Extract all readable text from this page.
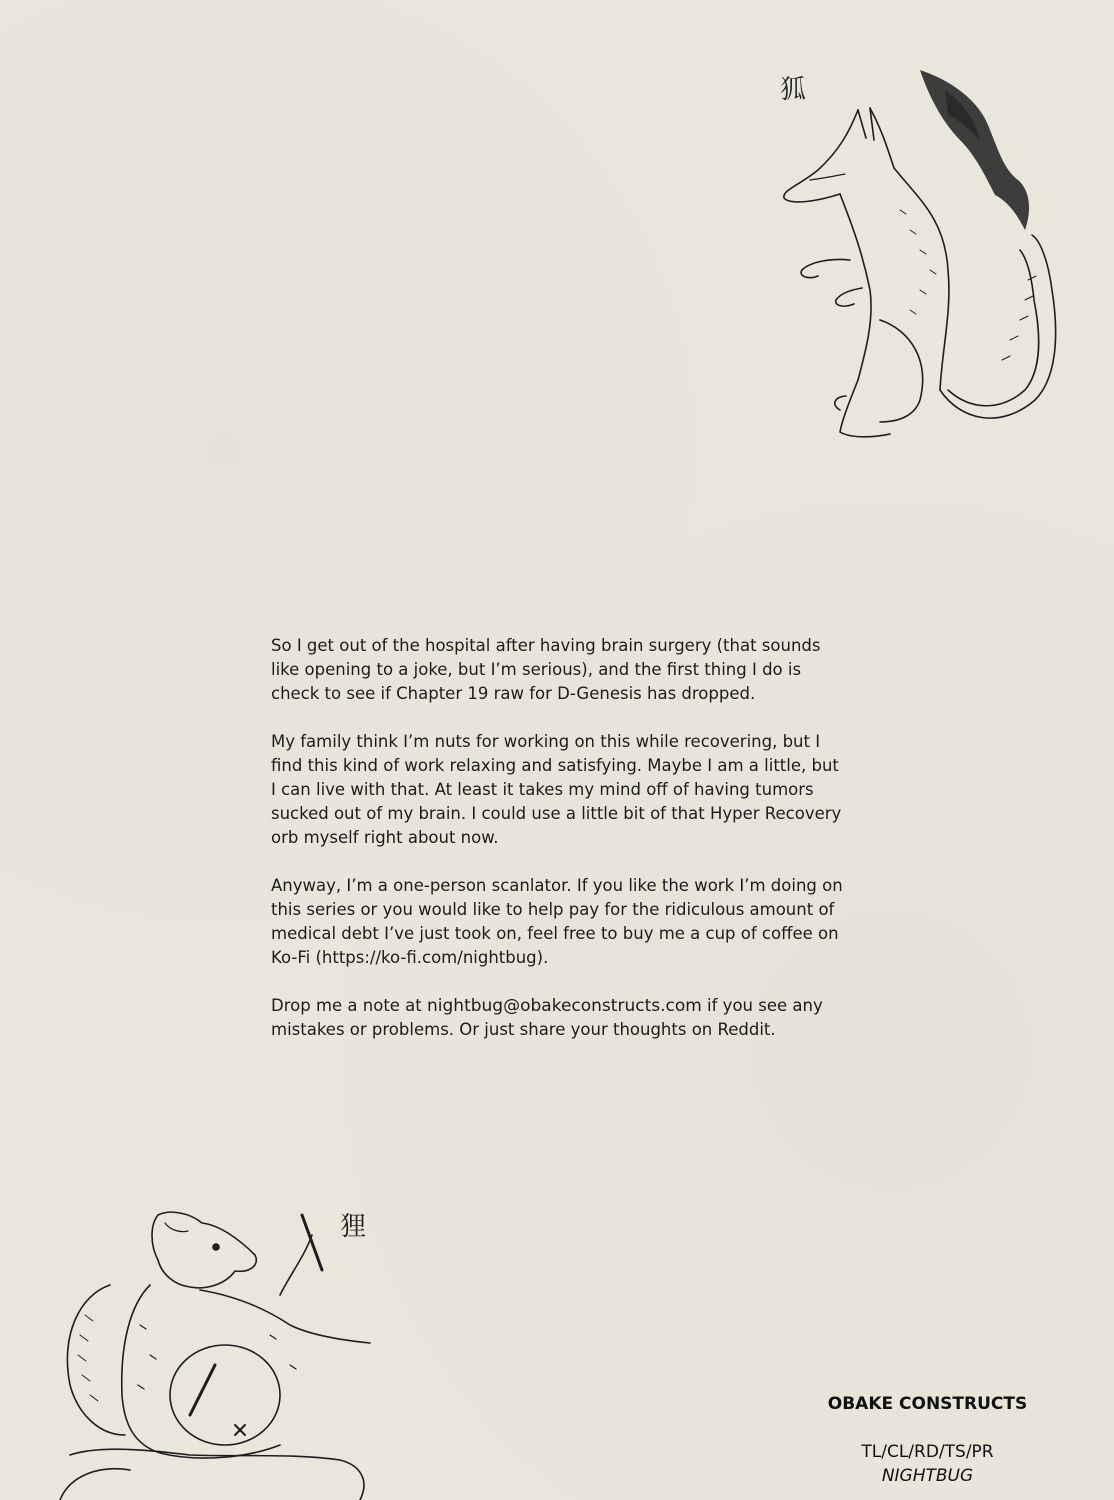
狐

So I get out of the hospital after having brain surgery (that sounds
like opening to a joke, but I’m serious), and the first thing I do is
check to see if Chapter 19 raw for D-Genesis has dropped.

My family think I’m nuts for working on this while recovering, but I
find this kind of work relaxing and satisfying. Maybe I am a little, but
I can live with that. At least it takes my mind off of having tumors
sucked out of my brain. I could use a little bit of that Hyper Recovery
orb myself right about now.

Anyway, I’m a one-person scanlator. If you like the work I’m doing on
this series or you would like to help pay for the ridiculous amount of
medical debt I’ve just took on, feel free to buy me a cup of coffee on
Ko-Fi (https://ko-fi.com/nightbug).

Drop me a note at nightbug@obakeconstructs.com if you see any
mistakes or problems. Or just share your thoughts on Reddit.

狸
OBAKE CONSTRUCTS
TL/CL/RD/TS/PR
NIGHTBUG
